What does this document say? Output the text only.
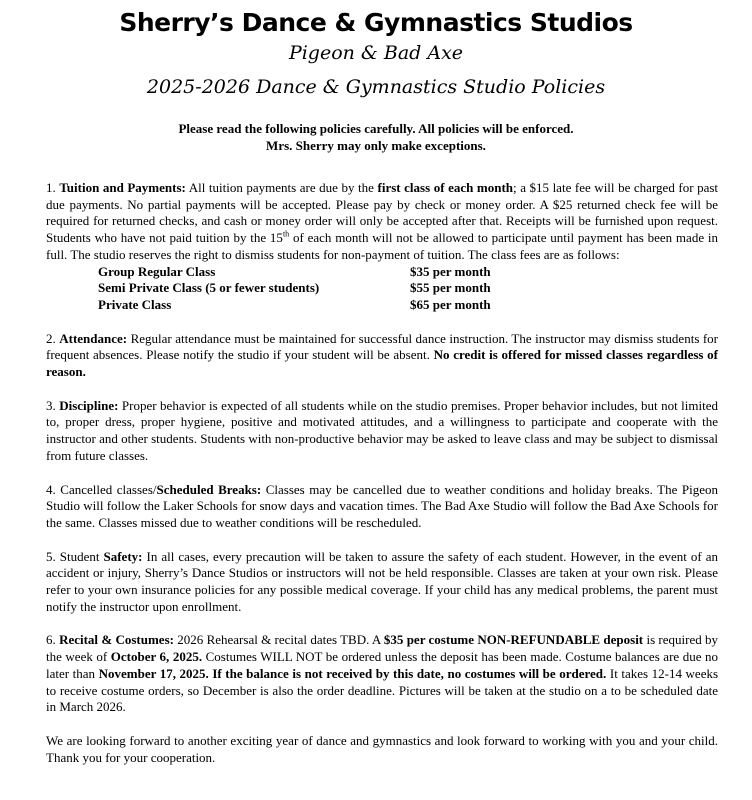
Sherry’s Dance & Gymnastics Studios
Pigeon & Bad Axe
2025-2026 Dance & Gymnastics Studio Policies
Please read the following policies carefully. All policies will be enforced.
Mrs. Sherry may only make exceptions.
1. Tuition and Payments: All tuition payments are due by the first class of each month; a $15 late fee will be charged for past due payments. No partial payments will be accepted. Please pay by check or money order. A $25 returned check fee will be required for returned checks, and cash or money order will only be accepted after that. Receipts will be furnished upon request. Students who have not paid tuition by the 15th of each month will not be allowed to participate until payment has been made in full. The studio reserves the right to dismiss students for non-payment of tuition. The class fees are as follows:
Group Regular Class	$35 per month
Semi Private Class (5 or fewer students)	$55 per month
Private Class	$65 per month
2. Attendance: Regular attendance must be maintained for successful dance instruction. The instructor may dismiss students for frequent absences. Please notify the studio if your student will be absent. No credit is offered for missed classes regardless of reason.
3. Discipline: Proper behavior is expected of all students while on the studio premises. Proper behavior includes, but not limited to, proper dress, proper hygiene, positive and motivated attitudes, and a willingness to participate and cooperate with the instructor and other students. Students with non-productive behavior may be asked to leave class and may be subject to dismissal from future classes.
4. Cancelled classes/Scheduled Breaks: Classes may be cancelled due to weather conditions and holiday breaks. The Pigeon Studio will follow the Laker Schools for snow days and vacation times. The Bad Axe Studio will follow the Bad Axe Schools for the same. Classes missed due to weather conditions will be rescheduled.
5. Student Safety: In all cases, every precaution will be taken to assure the safety of each student. However, in the event of an accident or injury, Sherry’s Dance Studios or instructors will not be held responsible. Classes are taken at your own risk. Please refer to your own insurance policies for any possible medical coverage. If your child has any medical problems, the parent must notify the instructor upon enrollment.
6. Recital & Costumes: 2026 Rehearsal & recital dates TBD. A $35 per costume NON-REFUNDABLE deposit is required by the week of October 6, 2025. Costumes WILL NOT be ordered unless the deposit has been made. Costume balances are due no later than November 17, 2025. If the balance is not received by this date, no costumes will be ordered. It takes 12-14 weeks to receive costume orders, so December is also the order deadline. Pictures will be taken at the studio on a to be scheduled date in March 2026.
We are looking forward to another exciting year of dance and gymnastics and look forward to working with you and your child. Thank you for your cooperation.
